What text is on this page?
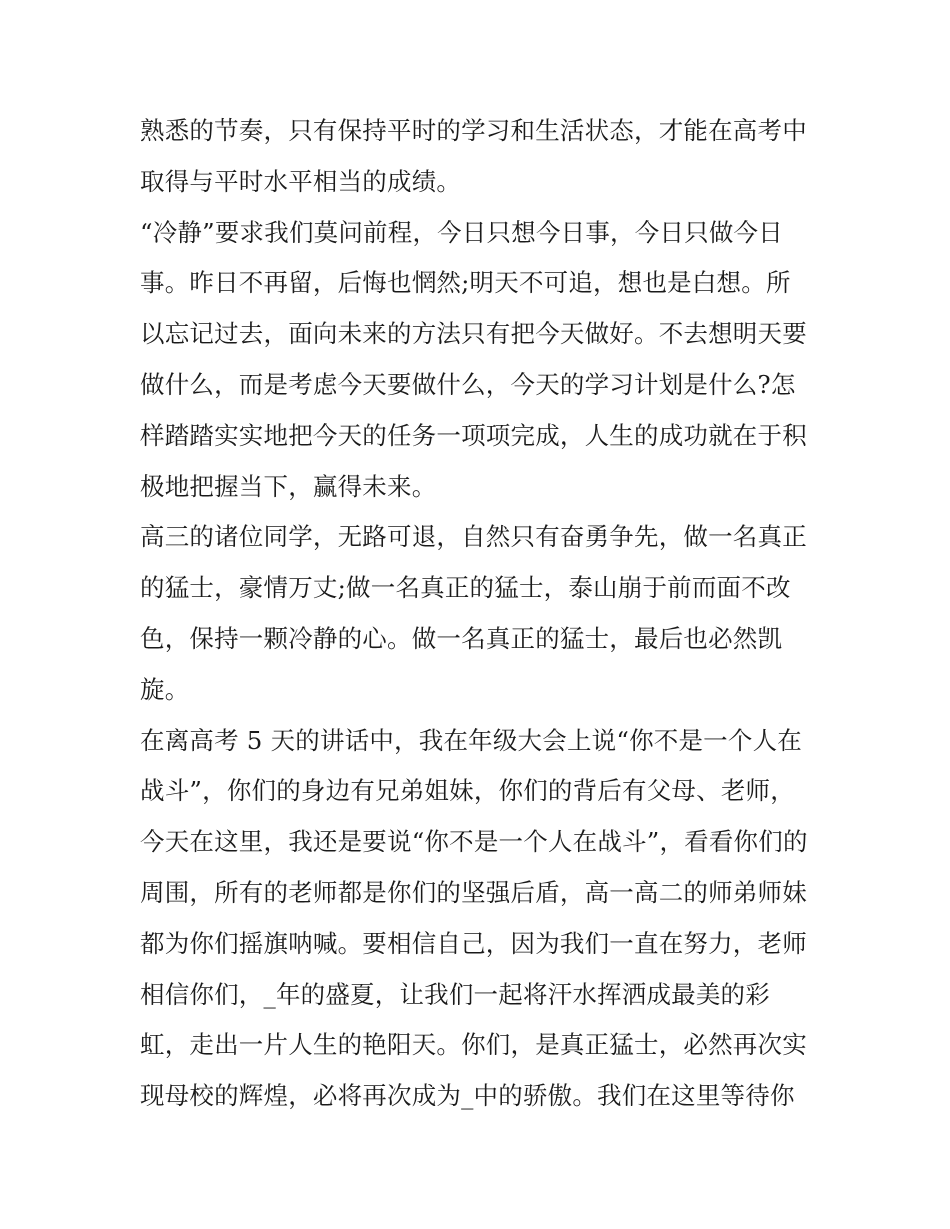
熟悉的节奏，只有保持平时的学习和生活状态，才能在高考中
取得与平时水平相当的成绩。
“冷静”要求我们莫问前程，今日只想今日事，今日只做今日
事。昨日不再留，后悔也惘然;明天不可追，想也是白想。所
以忘记过去，面向未来的方法只有把今天做好。不去想明天要
做什么，而是考虑今天要做什么，今天的学习计划是什么?怎
样踏踏实实地把今天的任务一项项完成，人生的成功就在于积
极地把握当下，赢得未来。
高三的诸位同学，无路可退，自然只有奋勇争先，做一名真正
的猛士，豪情万丈;做一名真正的猛士，泰山崩于前而面不改
色，保持一颗冷静的心。做一名真正的猛士，最后也必然凯
旋。
在离高考 5 天的讲话中，我在年级大会上说“你不是一个人在
战斗”，你们的身边有兄弟姐妹，你们的背后有父母、老师，
今天在这里，我还是要说“你不是一个人在战斗”，看看你们的
周围，所有的老师都是你们的坚强后盾，高一高二的师弟师妹
都为你们摇旗呐喊。要相信自己，因为我们一直在努力，老师
相信你们，_年的盛夏，让我们一起将汗水挥洒成最美的彩
虹，走出一片人生的艳阳天。你们，是真正猛士，必然再次实
现母校的辉煌，必将再次成为_中的骄傲。我们在这里等待你
